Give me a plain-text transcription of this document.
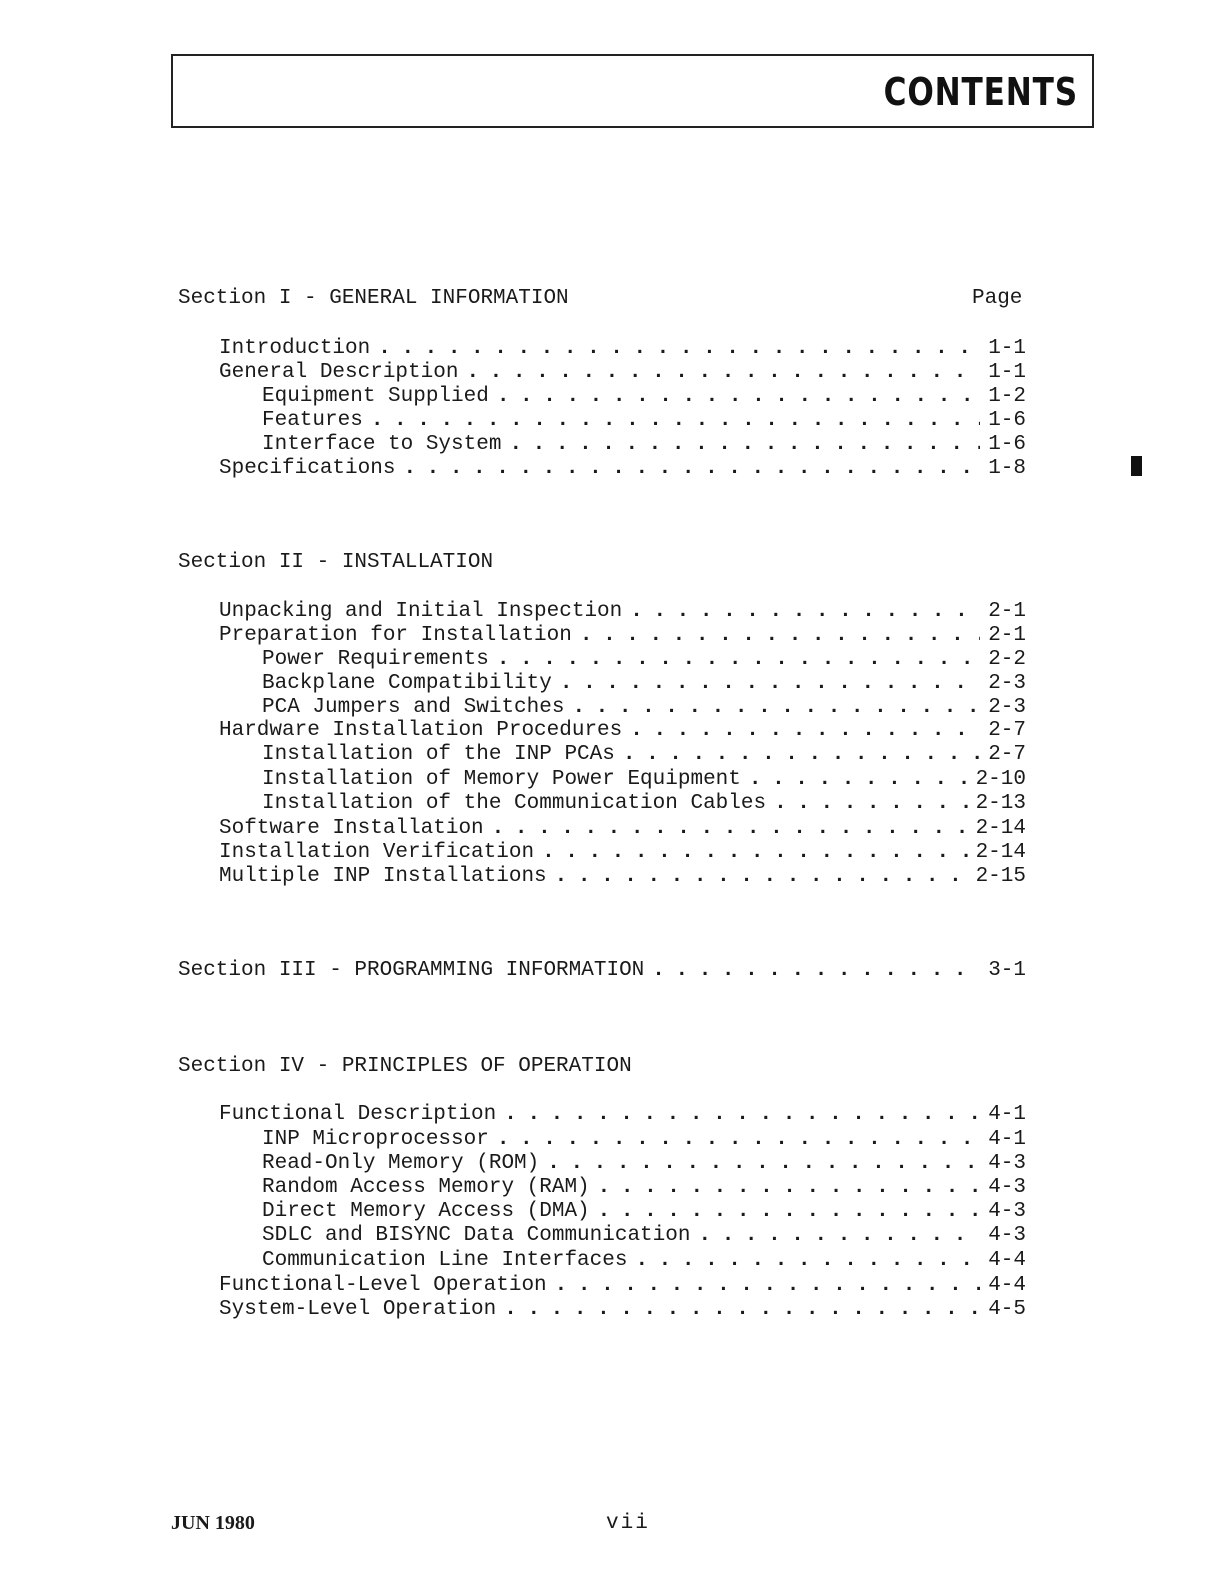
CONTENTS
Section I - GENERAL INFORMATION	Page
Introduction . . .	1-1
General Description . . .	1-1
Equipment Supplied . . .	1-2
Features . . .	1-6
Interface to System . . .	1-6
Specifications . . .	1-8
Section II - INSTALLATION
Unpacking and Initial Inspection . . .	2-1
Preparation for Installation . . .	2-1
Power Requirements . . .	2-2
Backplane Compatibility . . .	2-3
PCA Jumpers and Switches . . .	2-3
Hardware Installation Procedures . . .	2-7
Installation of the INP PCAs . . .	2-7
Installation of Memory Power Equipment . . .	2-10
Installation of the Communication Cables . . .	2-13
Software Installation . . .	2-14
Installation Verification . . .	2-14
Multiple INP Installations . . .	2-15
Section III - PROGRAMMING INFORMATION . . .	3-1
Section IV - PRINCIPLES OF OPERATION
Functional Description . . .	4-1
INP Microprocessor . . .	4-1
Read-Only Memory (ROM) . . .	4-3
Random Access Memory (RAM) . . .	4-3
Direct Memory Access (DMA) . . .	4-3
SDLC and BISYNC Data Communication . . .	4-3
Communication Line Interfaces . . .	4-4
Functional-Level Operation . . .	4-4
System-Level Operation . . .	4-5
JUN 1980	vii
